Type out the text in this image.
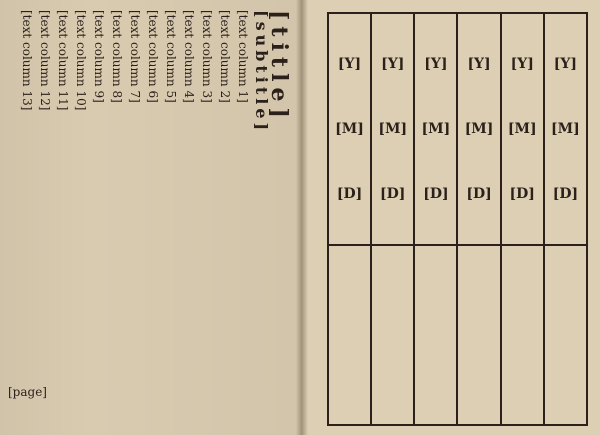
[title]
[subtitle]
[text column 1]
[text column 2]
[text column 3]
[text column 4]
[text column 5]
[text column 6]
[text column 7]
[text column 8]
[text column 9]
[text column 10]
[text column 11]
[text column 12]
[text column 13]
[page]
[Y]
[M]
[D]
[Y]
[M]
[D]
[Y]
[M]
[D]
[Y]
[M]
[D]
[Y]
[M]
[D]
[Y]
[M]
[D]
